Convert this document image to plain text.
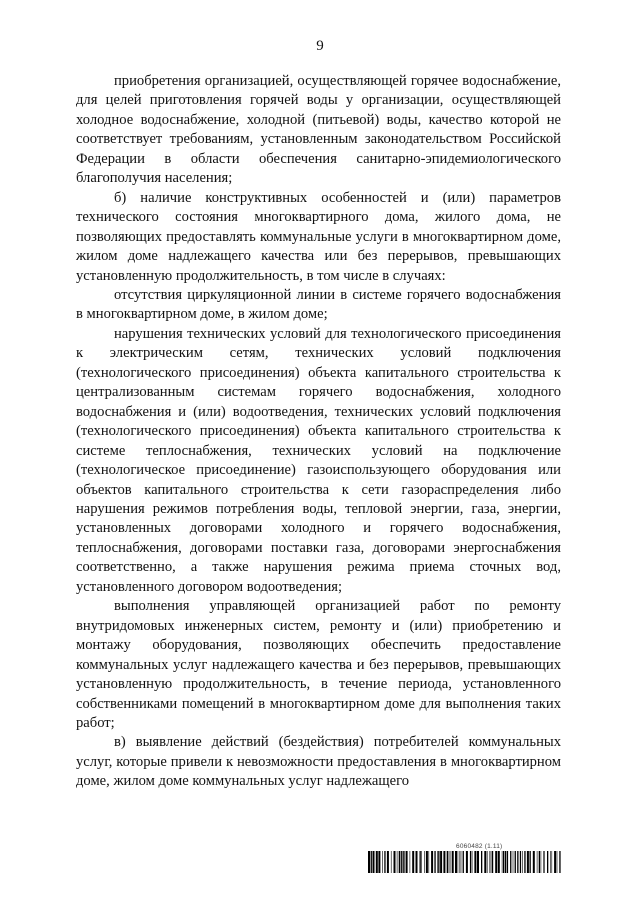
9

приобретения организацией, осуществляющей горячее водоснабжение, для целей приготовления горячей воды у организации, осуществляющей холодное водоснабжение, холодной (питьевой) воды, качество которой не соответствует требованиям, установленным законодательством Российской Федерации в области обеспечения санитарно-эпидемиологического благополучия населения;

б) наличие конструктивных особенностей и (или) параметров технического состояния многоквартирного дома, жилого дома, не позволяющих предоставлять коммунальные услуги в многоквартирном доме, жилом доме надлежащего качества или без перерывов, превышающих установленную продолжительность, в том числе в случаях:

отсутствия циркуляционной линии в системе горячего водоснабжения в многоквартирном доме, в жилом доме;

нарушения технических условий для технологического присоединения к электрическим сетям, технических условий подключения (технологического присоединения) объекта капитального строительства к централизованным системам горячего водоснабжения, холодного водоснабжения и (или) водоотведения, технических условий подключения (технологического присоединения) объекта капитального строительства к системе теплоснабжения, технических условий на подключение (технологическое присоединение) газоиспользующего оборудования или объектов капитального строительства к сети газораспределения либо нарушения режимов потребления воды, тепловой энергии, газа, энергии, установленных договорами холодного и горячего водоснабжения, теплоснабжения, договорами поставки газа, договорами энергоснабжения соответственно, а также нарушения режима приема сточных вод, установленного договором водоотведения;

выполнения управляющей организацией работ по ремонту внутридомовых инженерных систем, ремонту и (или) приобретению и монтажу оборудования, позволяющих обеспечить предоставление коммунальных услуг надлежащего качества и без перерывов, превышающих установленную продолжительность, в течение периода, установленного собственниками помещений в многоквартирном доме для выполнения таких работ;

в) выявление действий (бездействия) потребителей коммунальных услуг, которые привели к невозможности предоставления в многоквартирном доме, жилом доме коммунальных услуг надлежащего

6060482 (1.11)
